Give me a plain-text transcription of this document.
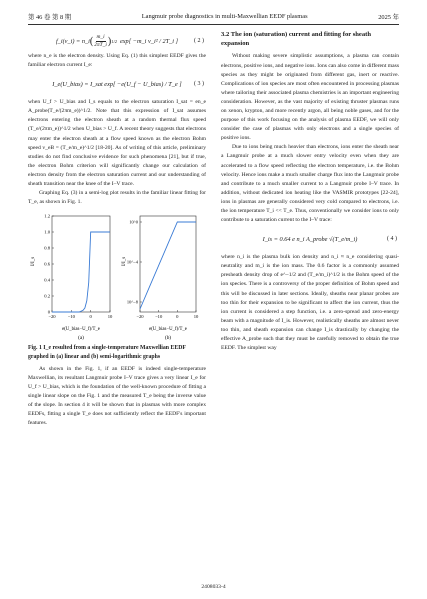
第 46 卷 第 8 期	Langmuir probe diagnostics in multi-Maxwellian EEDF plasmas	2025 年
f_i(v_i) = n_i ( $\frac{m\_i}{2\pi T\_i}$ ) 1/2 exp[ −m_i v_i² / 2T_i ]	( 2 )

where n_e is the electron density. Using Eq. (1) this simplest EEDF gives the familiar electron current I_e:

I_e(U_bias) = I_sat exp[ −e(U_f − U_bias) / T_e ] ( 3 )

when U_f > U_bias and I_s equals to the electron saturation I_sat = en_e A_probe(T_e/(2πm_e))^1/2. Note that this expression of I_sat assumes electrons entering the electron sheath at a random thermal flux speed (T_e/(2πm_e))^1/2 when U_bias > U_f. A recent theory suggests that electrons may enter the electron sheath at a flow speed known as the electron Bohm speed v_eB = (T_e/m_e)^1/2 [18-20]. As of writing of this article, preliminary studies do not find conclusive evidence for such phenomena [21], but if true, the electron Bohm criterion will significantly change our calculation of electron density from the electron saturation current and our understanding of sheath transition near the knee of the I–V trace.

Graphing Eq. (3) in a semi-log plot results in the familiar linear fitting for T_e, as shown in Fig. 1.

0
0.2
0.4
0.6
0.8
1.0
1.2
−20	−10	0	10
10^0
10^−4
10^−8
−20 −10	0	10
I/I_s	I/I_s
e(U_bias−U_f)/T_e	e(U_bias−U_f)/T_e
(a)	(b)

Fig. 1 I_e resulted from a single-temperature Maxwellian EEDF graphed in (a) linear and (b) semi-logarithmic graphs

As shown in the Fig. 1, if an EEDF is indeed single-temperature Maxwellian, its resultant Langmuir probe I–V trace gives a very linear I_e for U_f > U_bias, which is the foundation of the well-known procedure of fitting a single linear slope on the Fig. 1 and the measured T_e being the inverse value of the slope. In section 4 it will be shown that in plasmas with more complex EEDFs, fitting a single T_e does not sufficiently reflect the EEDF's important features.

3.2 The ion (saturation) current and fitting for sheath expansion

Without making severe simplistic assumptions, a plasma can contain electrons, positive ions, and negative ions. Ions can also come in different mass species as they might be originated from different gas, inert or reactive. Complications of ion species are most often encountered in processing plasmas where tailoring their associated plasma chemistries is an important engineering consideration. However, as the vast majority of existing thruster plasmas runs on xenon, krypton, and more recently argon, all being noble gases, and for the purpose of this work focusing on the analysis of plasma EEDF, we will only consider the case of plasmas with only electrons and a single species of positive ions.

Due to ions being much heavier than electrons, ions enter the sheath near a Langmuir probe at a much slower entry velocity even when they are accelerated to a flow speed reflecting the electron temperature, i.e. the Bohm velocity. Hence ions make a much smaller charge flux into the Langmuir probe and contribute to a much smaller current to a Langmuir probe I–V trace. In addition, without dedicated ion heating like the VASMIR prototypes [22-24], ions in plasmas are generally considered very cold compared to electrons, i.e. the ion temperature T_i << T_e. Thus, conventionally we consider ions to only contribute to a saturation current to the I–V trace:

I_is = 0.64 e n_i A_probe √(T_e/m_i)	( 4 )

where n_i is the plasma bulk ion density and n_i ≈ n_e considering quasi-neutrality and m_i is the ion mass. The 0.6 factor is a commonly assumed presheath density drop of e^−1/2 and (T_e/m_i)^1/2 is the Bohm speed of the ion species. There is a controversy of the proper definition of Bohm speed and this will be discussed in later sections. Ideally, sheaths near planar probes are too thin for their expansion to be significant to affect the ion current, thus the ion current is considered a step function, i.e. a zero-spread and zero-energy beam with a magnitude of I_is. However, realistically sheaths are almost never too thin, and sheath expansion can change I_is drastically by changing the effective A_probe such that they must be carefully removed to obtain the true EEDF. The simplest way

2408033-4
